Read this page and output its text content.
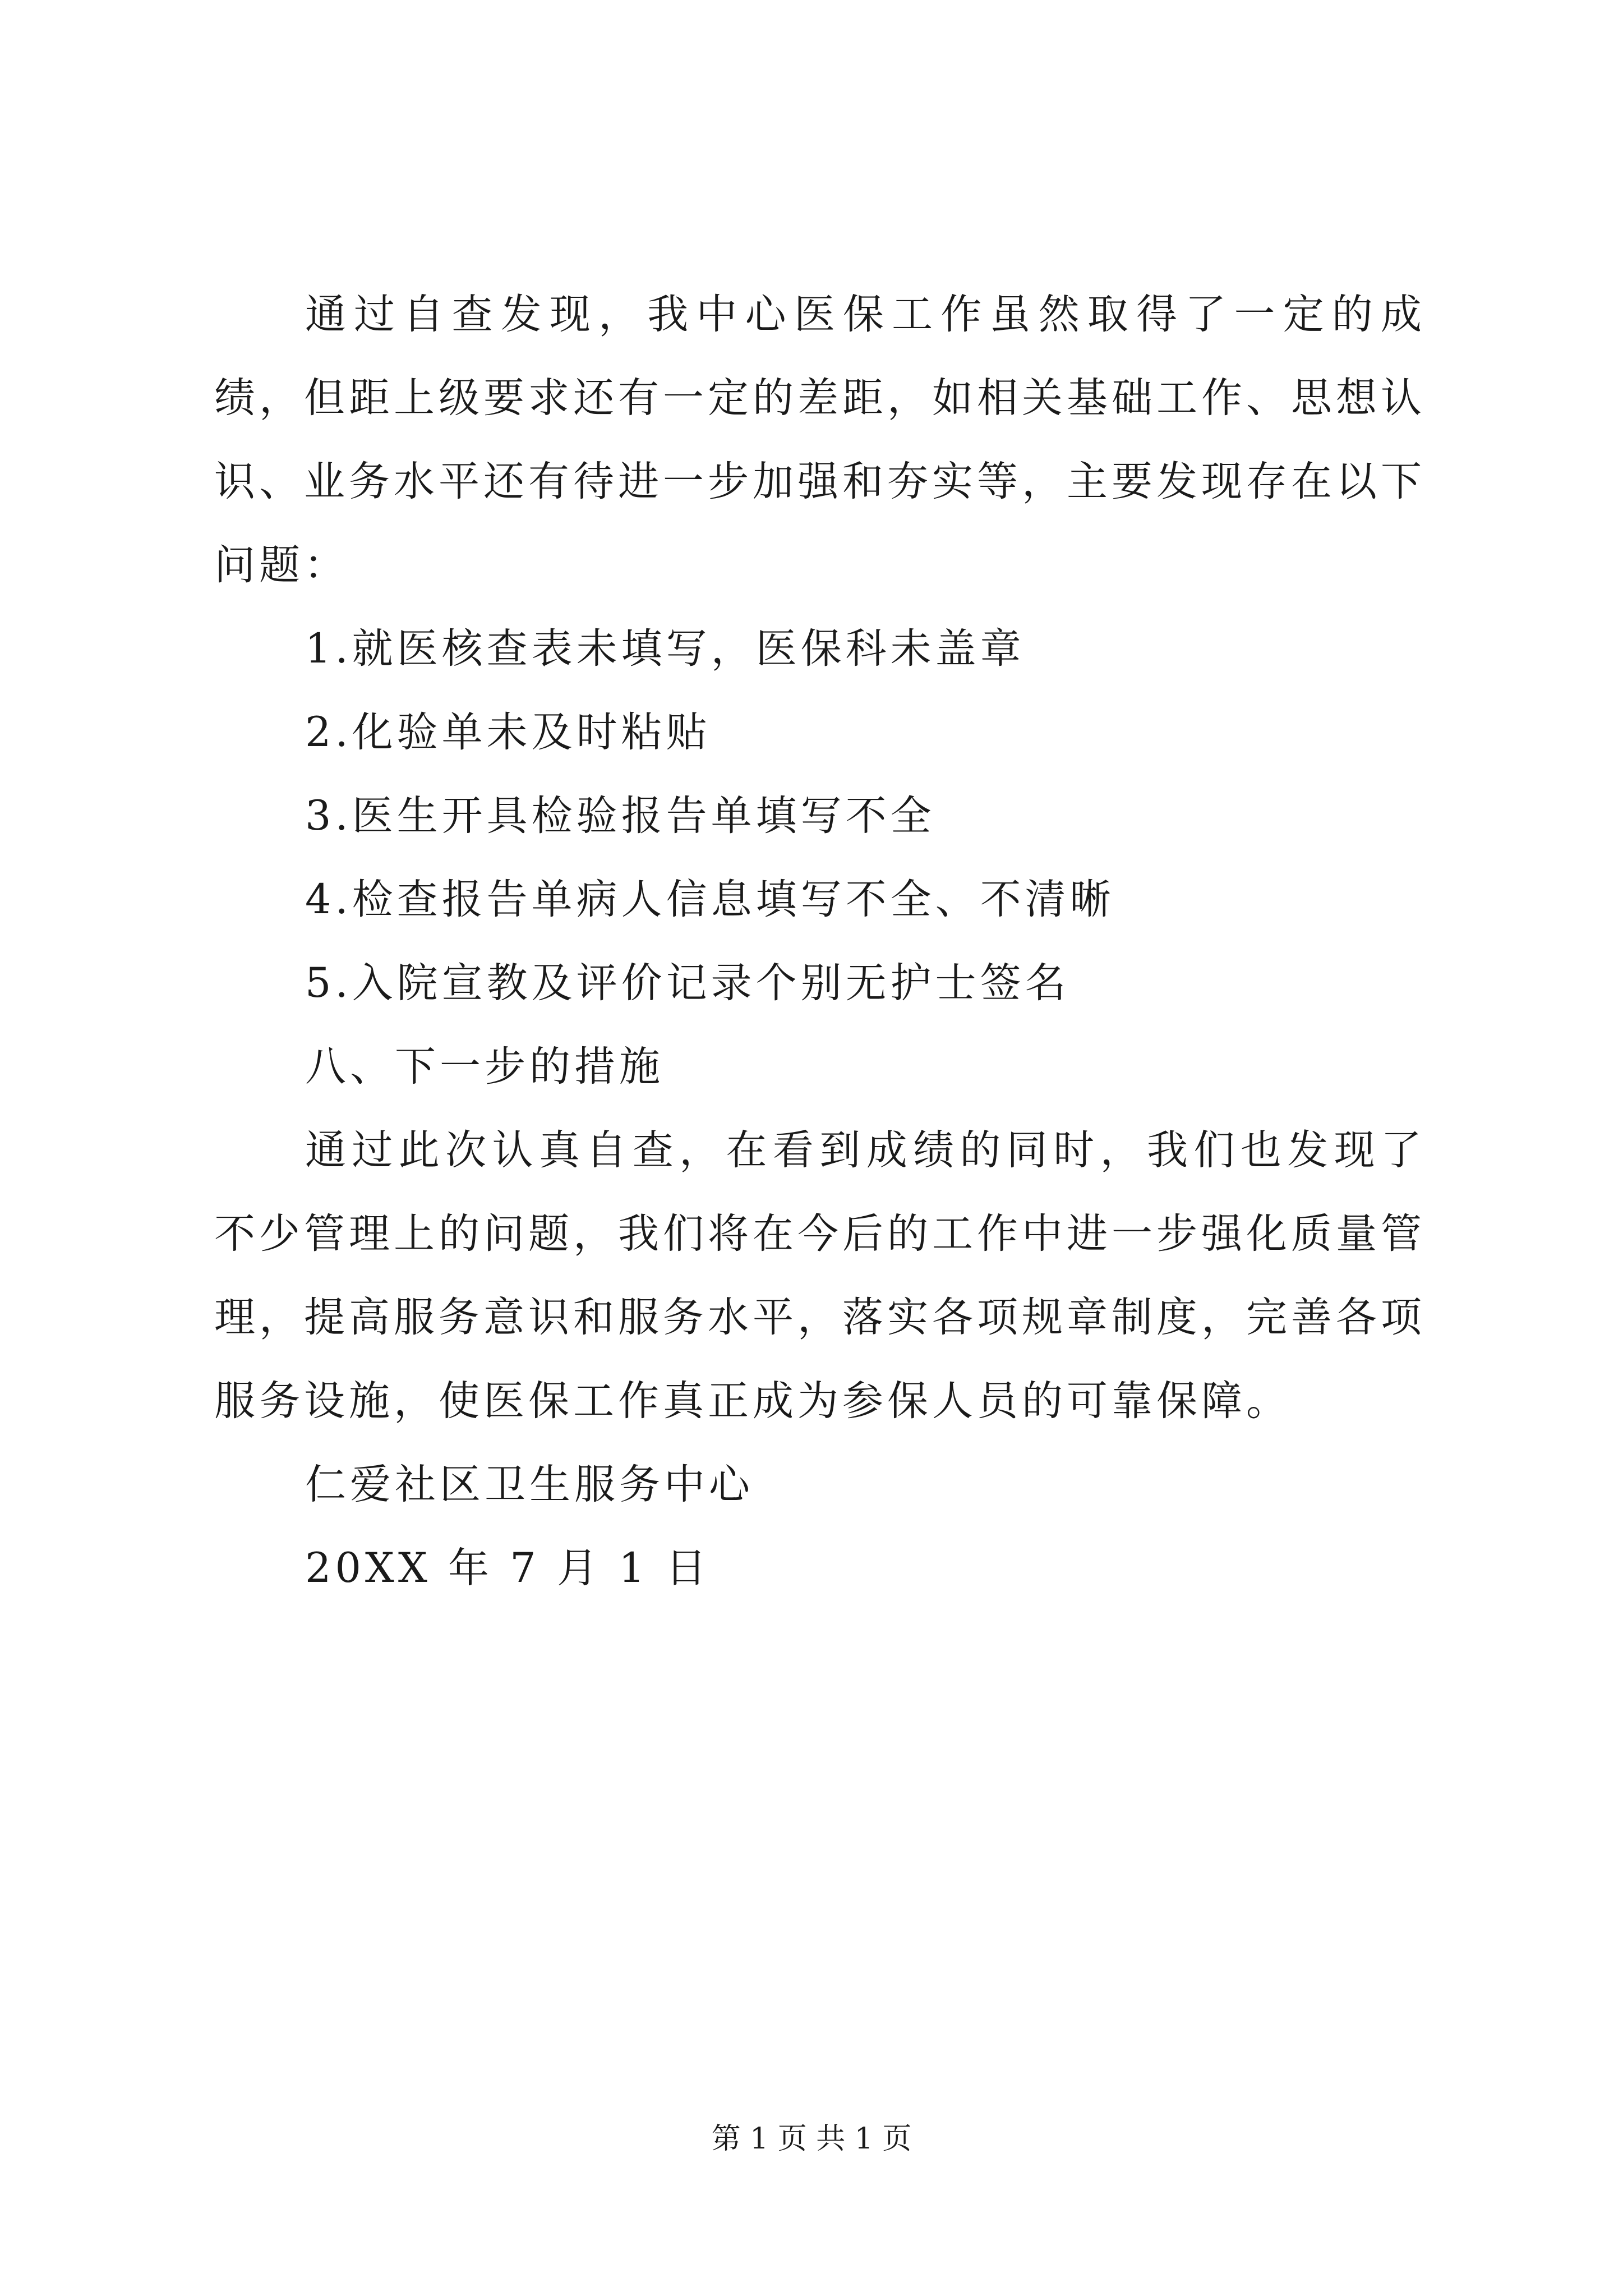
通过自查发现，我中心医保工作虽然取得了一定的成绩，但距上级要求还有一定的差距，如相关基础工作、思想认识、业务水平还有待进一步加强和夯实等，主要发现存在以下问题：

1.就医核查表未填写，医保科未盖章

2.化验单未及时粘贴

3.医生开具检验报告单填写不全

4.检查报告单病人信息填写不全、不清晰

5.入院宣教及评价记录个别无护士签名

八、下一步的措施

通过此次认真自查，在看到成绩的同时，我们也发现了不少管理上的问题，我们将在今后的工作中进一步强化质量管理，提高服务意识和服务水平，落实各项规章制度，完善各项服务设施，使医保工作真正成为参保人员的可靠保障。

仁爱社区卫生服务中心

20XX 年 7 月 1 日

第 1 页 共 1 页
